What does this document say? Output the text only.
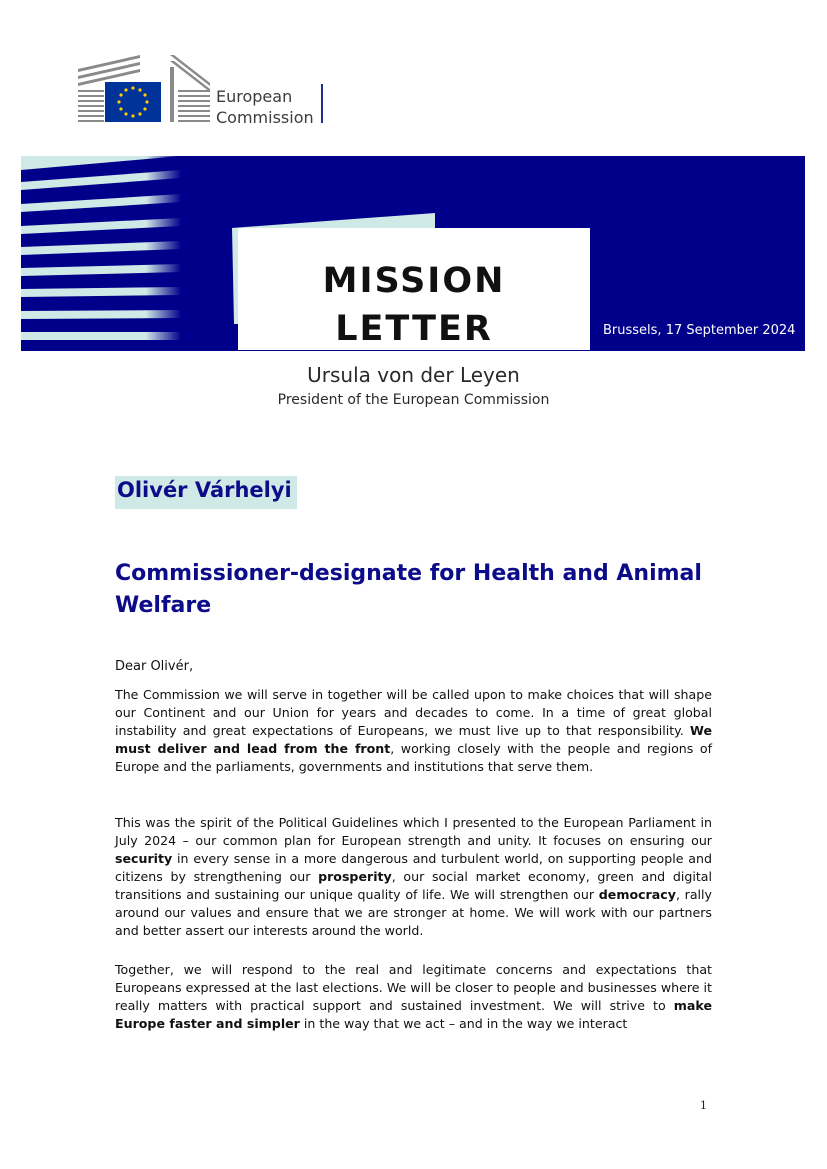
European
Commission
MISSION
LETTER	Brussels, 17 September 2024
Ursula von der Leyen
President of the European Commission
Olivér Várhelyi
Commissioner-designate for Health and Animal Welfare
Dear Olivér,

The Commission we will serve in together will be called upon to make choices that will shape our Continent and our Union for years and decades to come. In a time of great global instability and great expectations of Europeans, we must live up to that responsibility. We must deliver and lead from the front, working closely with the people and regions of Europe and the parliaments, governments and institutions that serve them.

This was the spirit of the Political Guidelines which I presented to the European Parliament in July 2024 – our common plan for European strength and unity. It focuses on ensuring our security in every sense in a more dangerous and turbulent world, on supporting people and citizens by strengthening our prosperity, our social market economy, green and digital transitions and sustaining our unique quality of life. We will strengthen our democracy, rally around our values and ensure that we are stronger at home. We will work with our partners and better assert our interests around the world.

Together, we will respond to the real and legitimate concerns and expectations that Europeans expressed at the last elections. We will be closer to people and businesses where it really matters with practical support and sustained investment. We will strive to make Europe faster and simpler in the way that we act – and in the way we interact

1
